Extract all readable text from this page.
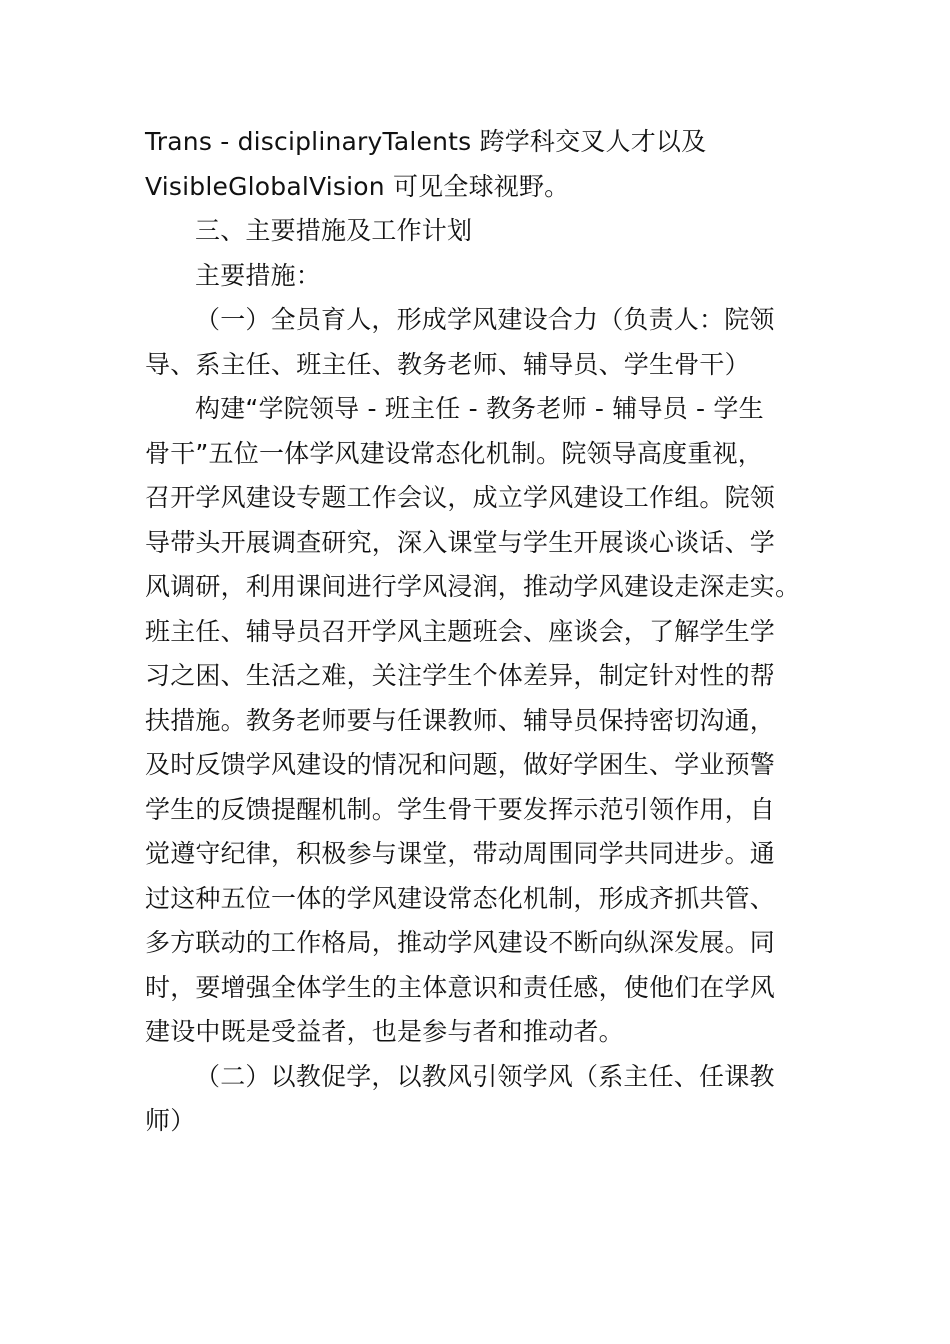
Trans - disciplinaryTalents 跨学科交叉人才以及
VisibleGlobalVision 可见全球视野。
三、主要措施及工作计划
主要措施：
（一）全员育人，形成学风建设合力（负责人：院领
导、系主任、班主任、教务老师、辅导员、学生骨干）
构建“学院领导 - 班主任 - 教务老师 - 辅导员 - 学生
骨干”五位一体学风建设常态化机制。院领导高度重视，
召开学风建设专题工作会议，成立学风建设工作组。院领
导带头开展调查研究，深入课堂与学生开展谈心谈话、学
风调研，利用课间进行学风浸润，推动学风建设走深走实。
班主任、辅导员召开学风主题班会、座谈会，了解学生学
习之困、生活之难，关注学生个体差异，制定针对性的帮
扶措施。教务老师要与任课教师、辅导员保持密切沟通，
及时反馈学风建设的情况和问题，做好学困生、学业预警
学生的反馈提醒机制。学生骨干要发挥示范引领作用，自
觉遵守纪律，积极参与课堂，带动周围同学共同进步。通
过这种五位一体的学风建设常态化机制，形成齐抓共管、
多方联动的工作格局，推动学风建设不断向纵深发展。同
时，要增强全体学生的主体意识和责任感，使他们在学风
建设中既是受益者，也是参与者和推动者。
（二）以教促学，以教风引领学风（系主任、任课教
师）
